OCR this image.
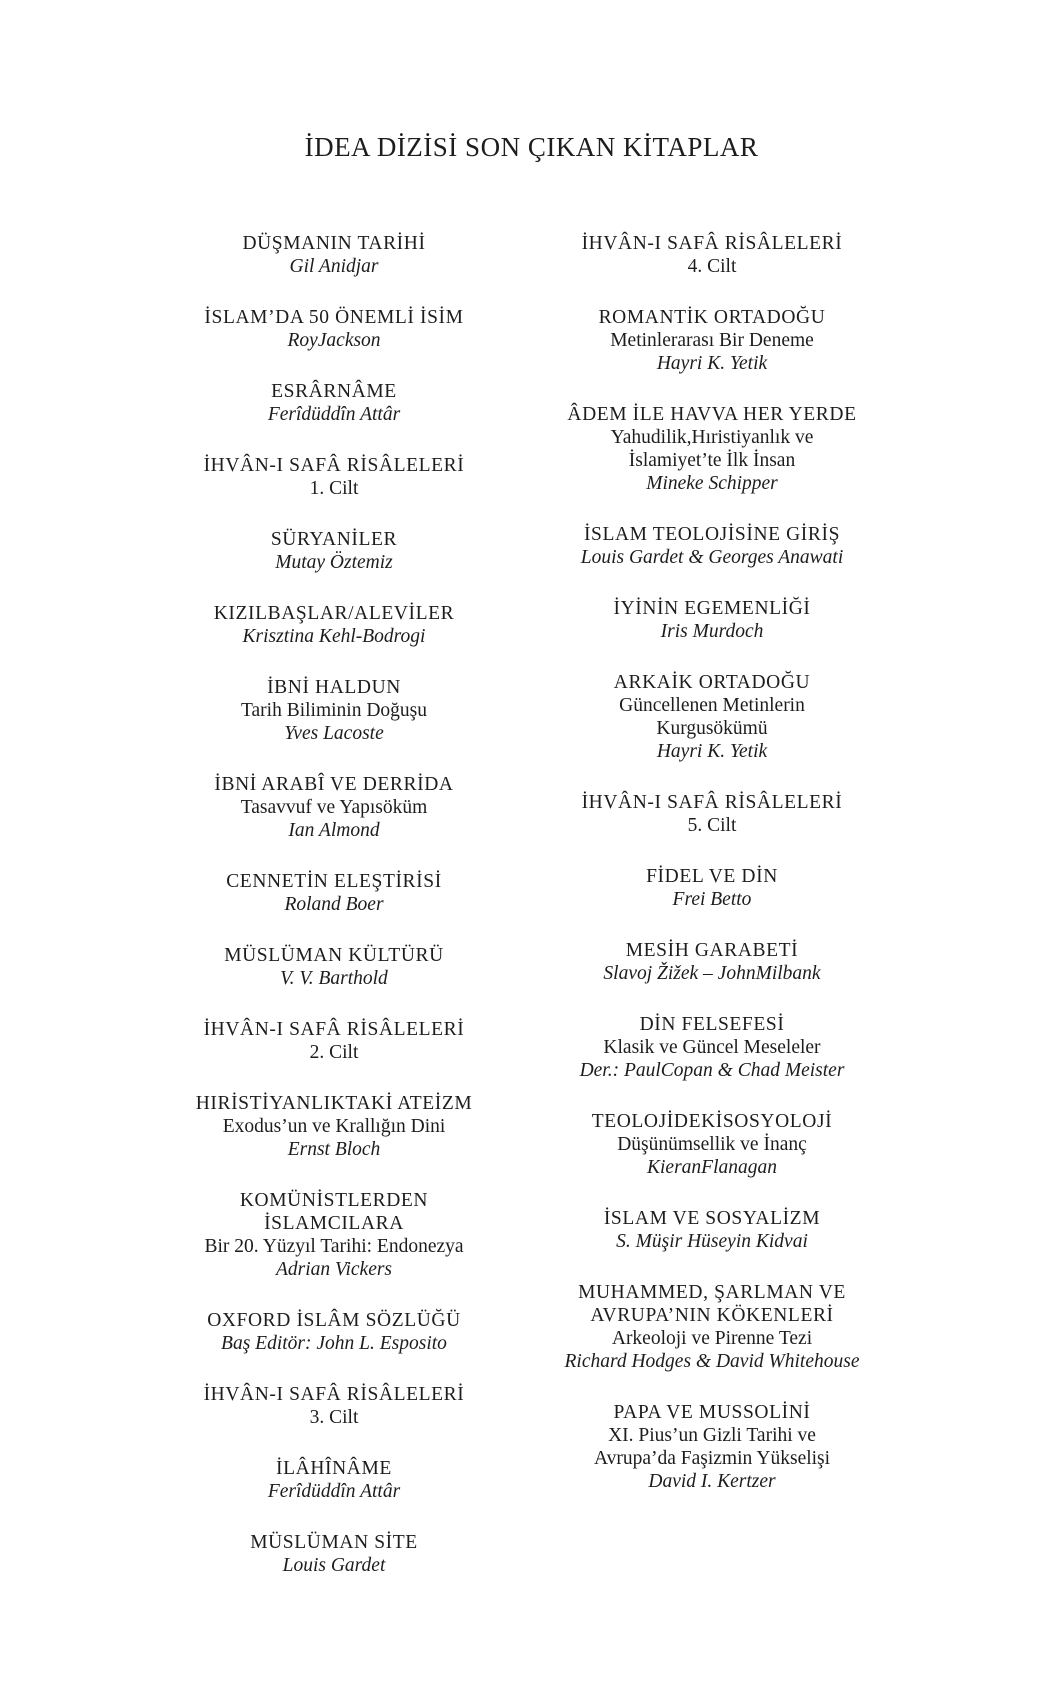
İDEA DİZİSİ SON ÇIKAN KİTAPLAR
DÜŞMANIN TARİHİ
Gil Anidjar
İSLAM’DA 50 ÖNEMLİ İSİM
RoyJackson
ESRÂRNÂME
Ferîdüddîn Attâr
İHVÂN-I SAFÂ RİSÂLELERİ
1. Cilt
SÜRYANİLER
Mutay Öztemiz
KIZILBAŞLAR/ALEVİLER
Krisztina Kehl-Bodrogi
İBNİ HALDUN
Tarih Biliminin Doğuşu
Yves Lacoste
İBNİ ARABÎ VE DERRİDA
Tasavvuf ve Yapısöküm
Ian Almond
CENNETİN ELEŞTİRİSİ
Roland Boer
MÜSLÜMAN KÜLTÜRÜ
V. V. Barthold
İHVÂN-I SAFÂ RİSÂLELERİ
2. Cilt
HIRİSTİYANLIKTAKİ ATEİZM
Exodus’un ve Krallığın Dini
Ernst Bloch
KOMÜNİSTLERDEN
İSLAMCILARA
Bir 20. Yüzyıl Tarihi: Endonezya
Adrian Vickers
OXFORD İSLÂM SÖZLÜĞÜ
Baş Editör: John L. Esposito
İHVÂN-I SAFÂ RİSÂLELERİ
3. Cilt
İLÂHÎNÂME
Ferîdüddîn Attâr
MÜSLÜMAN SİTE
Louis Gardet
İHVÂN-I SAFÂ RİSÂLELERİ
4. Cilt
ROMANTİK ORTADOĞU
Metinlerarası Bir Deneme
Hayri K. Yetik
ÂDEM İLE HAVVA HER YERDE
Yahudilik,Hıristiyanlık ve
İslamiyet’te İlk İnsan
Mineke Schipper
İSLAM TEOLOJİSİNE GİRİŞ
Louis Gardet & Georges Anawati
İYİNİN EGEMENLİĞİ
Iris Murdoch
ARKAİK ORTADOĞU
Güncellenen Metinlerin
Kurgusökümü
Hayri K. Yetik
İHVÂN-I SAFÂ RİSÂLELERİ
5. Cilt
FİDEL VE DİN
Frei Betto
MESİH GARABETİ
Slavoj Žižek – JohnMilbank
DİN FELSEFESİ
Klasik ve Güncel Meseleler
Der.: PaulCopan & Chad Meister
TEOLOJİDEKİSOSYOLOJİ
Düşünümsellik ve İnanç
KieranFlanagan
İSLAM VE SOSYALİZM
S. Müşir Hüseyin Kidvai
MUHAMMED, ŞARLMAN VE
AVRUPA’NIN KÖKENLERİ
Arkeoloji ve Pirenne Tezi
Richard Hodges & David Whitehouse
PAPA VE MUSSOLİNİ
XI. Pius’un Gizli Tarihi ve
Avrupa’da Faşizmin Yükselişi
David I. Kertzer
